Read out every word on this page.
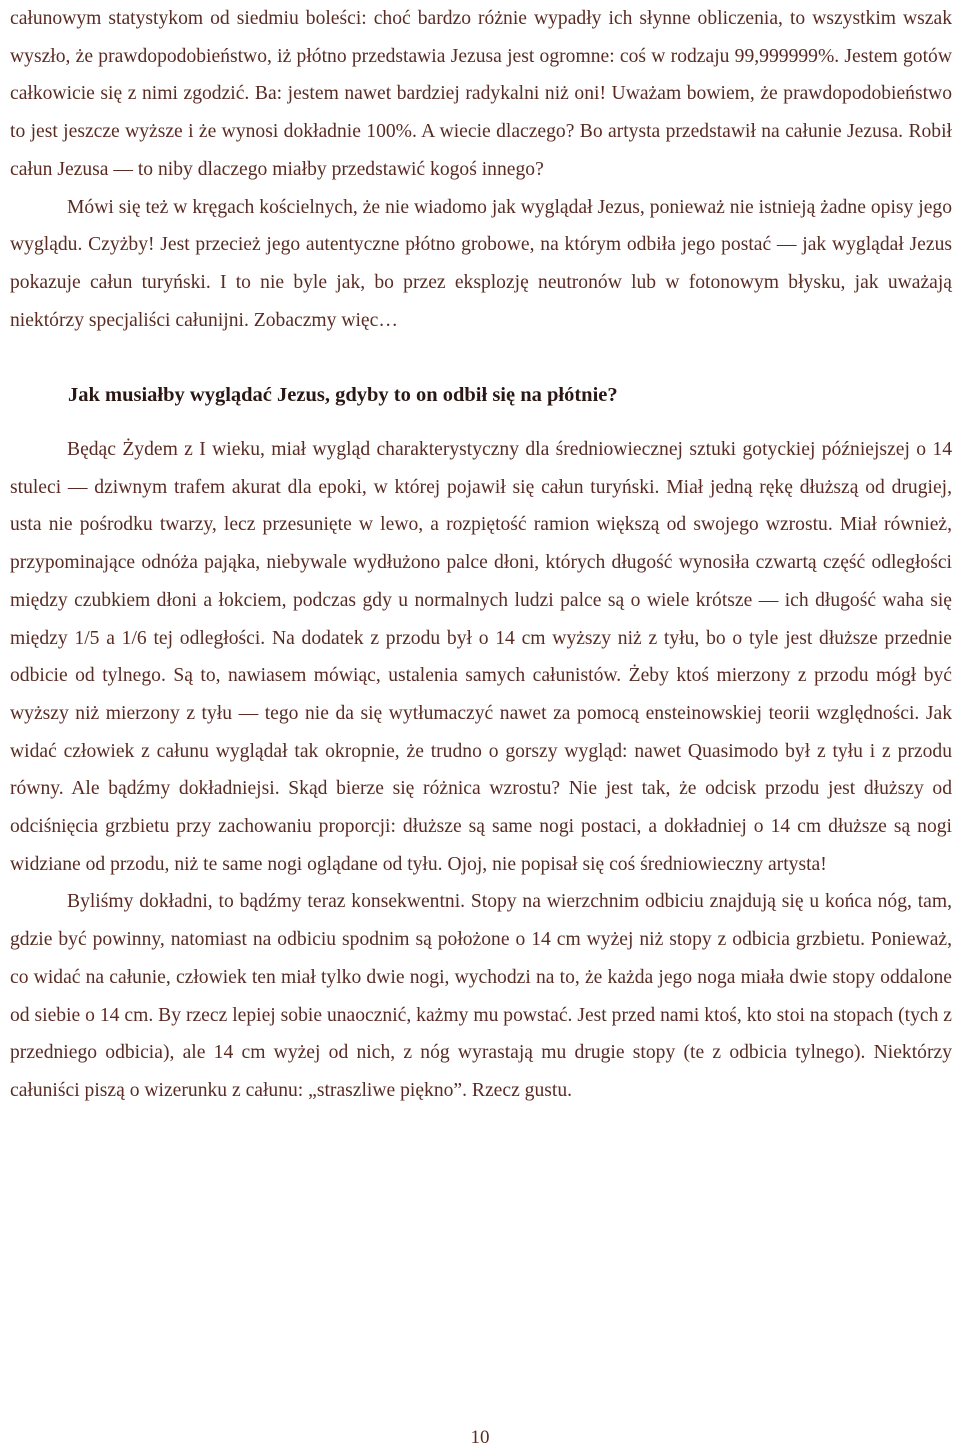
całunowym statystykom od siedmiu boleści: choć bardzo różnie wypadły ich słynne obliczenia, to wszystkim wszak wyszło, że prawdopodobieństwo, iż płótno przedstawia Jezusa jest ogromne: coś w rodzaju 99,999999%. Jestem gotów całkowicie się z nimi zgodzić. Ba: jestem nawet bardziej radykalni niż oni! Uważam bowiem, że prawdopodobieństwo to jest jeszcze wyższe i że wynosi dokładnie 100%. A wiecie dlaczego? Bo artysta przedstawił na całunie Jezusa. Robił całun Jezusa — to niby dlaczego miałby przedstawić kogoś innego?

Mówi się też w kręgach kościelnych, że nie wiadomo jak wyglądał Jezus, ponieważ nie istnieją żadne opisy jego wyglądu. Czyżby! Jest przecież jego autentyczne płótno grobowe, na którym odbiła jego postać — jak wyglądał Jezus pokazuje całun turyński. I to nie byle jak, bo przez eksplozję neutronów lub w fotonowym błysku, jak uważają niektórzy specjaliści całunijni. Zobaczmy więc…

Jak musiałby wyglądać Jezus, gdyby to on odbił się na płótnie?

Będąc Żydem z I wieku, miał wygląd charakterystyczny dla średniowiecznej sztuki gotyckiej późniejszej o 14 stuleci — dziwnym trafem akurat dla epoki, w której pojawił się całun turyński. Miał jedną rękę dłuższą od drugiej, usta nie pośrodku twarzy, lecz przesunięte w lewo, a rozpiętość ramion większą od swojego wzrostu. Miał również, przypominające odnóża pająka, niebywale wydłużono palce dłoni, których długość wynosiła czwartą część odległości między czubkiem dłoni a łokciem, podczas gdy u normalnych ludzi palce są o wiele krótsze — ich długość waha się między 1/5 a 1/6 tej odległości. Na dodatek z przodu był o 14 cm wyższy niż z tyłu, bo o tyle jest dłuższe przednie odbicie od tylnego. Są to, nawiasem mówiąc, ustalenia samych całunistów. Żeby ktoś mierzony z przodu mógł być wyższy niż mierzony z tyłu — tego nie da się wytłumaczyć nawet za pomocą ensteinowskiej teorii względności. Jak widać człowiek z całunu wyglądał tak okropnie, że trudno o gorszy wygląd: nawet Quasimodo był z tyłu i z przodu równy. Ale bądźmy dokładniejsi. Skąd bierze się różnica wzrostu? Nie jest tak, że odcisk przodu jest dłuższy od odciśnięcia grzbietu przy zachowaniu proporcji: dłuższe są same nogi postaci, a dokładniej o 14 cm dłuższe są nogi widziane od przodu, niż te same nogi oglądane od tyłu. Ojoj, nie popisał się coś średniowieczny artysta!

Byliśmy dokładni, to bądźmy teraz konsekwentni. Stopy na wierzchnim odbiciu znajdują się u końca nóg, tam, gdzie być powinny, natomiast na odbiciu spodnim są położone o 14 cm wyżej niż stopy z odbicia grzbietu. Ponieważ, co widać na całunie, człowiek ten miał tylko dwie nogi, wychodzi na to, że każda jego noga miała dwie stopy oddalone od siebie o 14 cm. By rzecz lepiej sobie unaocznić, każmy mu powstać. Jest przed nami ktoś, kto stoi na stopach (tych z przedniego odbicia), ale 14 cm wyżej od nich, z nóg wyrastają mu drugie stopy (te z odbicia tylnego). Niektórzy całuniści piszą o wizerunku z całunu: „straszliwe piękno”. Rzecz gustu.

10
